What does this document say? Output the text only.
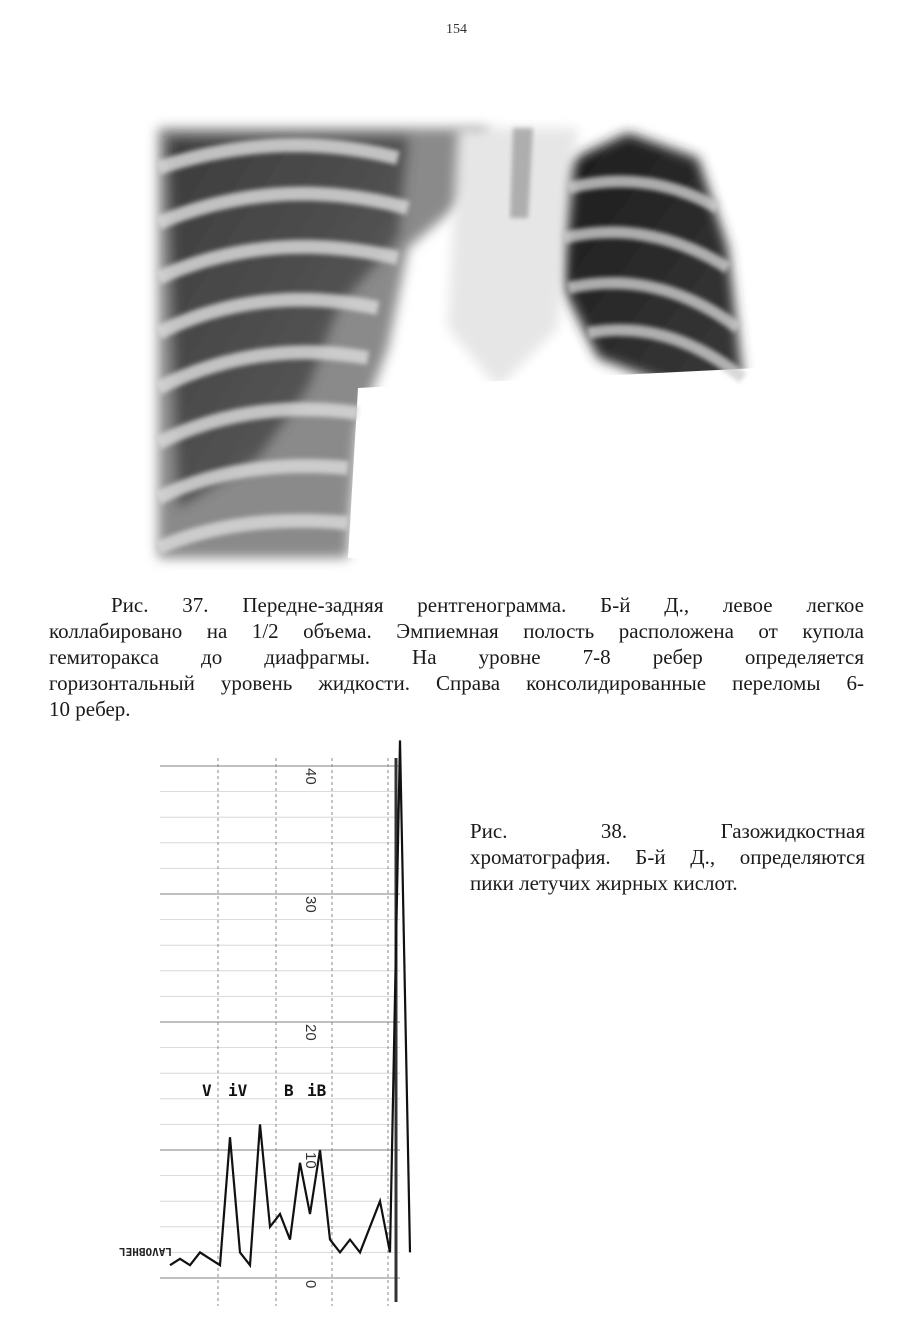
154
Рис. 37. Передне-задняя рентгенограмма. Б-й Д., левое легкое
коллабировано на 1/2 объема. Эмпиемная полость расположена от купола
гемиторакса до диафрагмы. На уровне 7-8 ребер определяется
горизонтальный уровень жидкости. Справа консолидированные переломы 6-
10 ребер.
40
30
20
10
0
V iV B iB
LAVOBHEL
Рис. 38. Газожидкостная
хроматография. Б-й Д., определяются
пики летучих жирных кислот.
